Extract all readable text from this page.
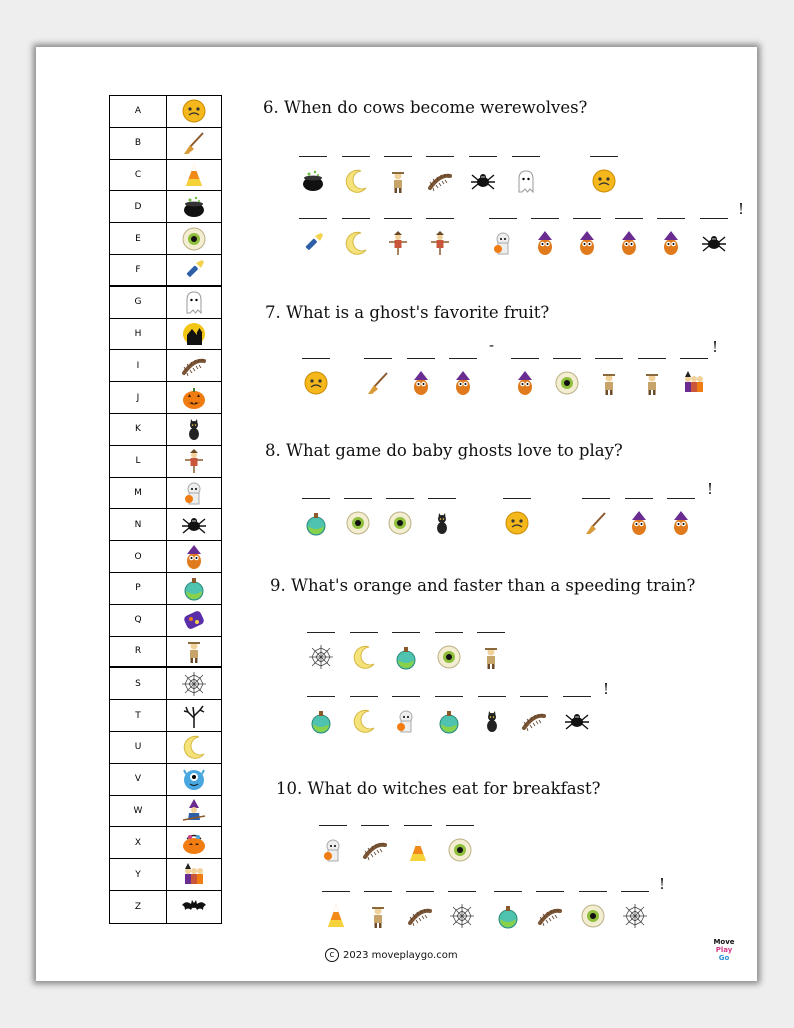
A
B
C
D
E
F
G
H
I
J
K
L
M
N
O
P
Q
R
S
T
U
V
W
X
Y
Z
6. When do cows become werewolves?
7. What is a ghost's favorite fruit?
8. What game do baby ghosts love to play?
9. What's orange and faster than a speeding train?
10. What do witches eat for breakfast?
!
-	!
!
!
!
c 2023 moveplaygo.com
Move
Play
Go
